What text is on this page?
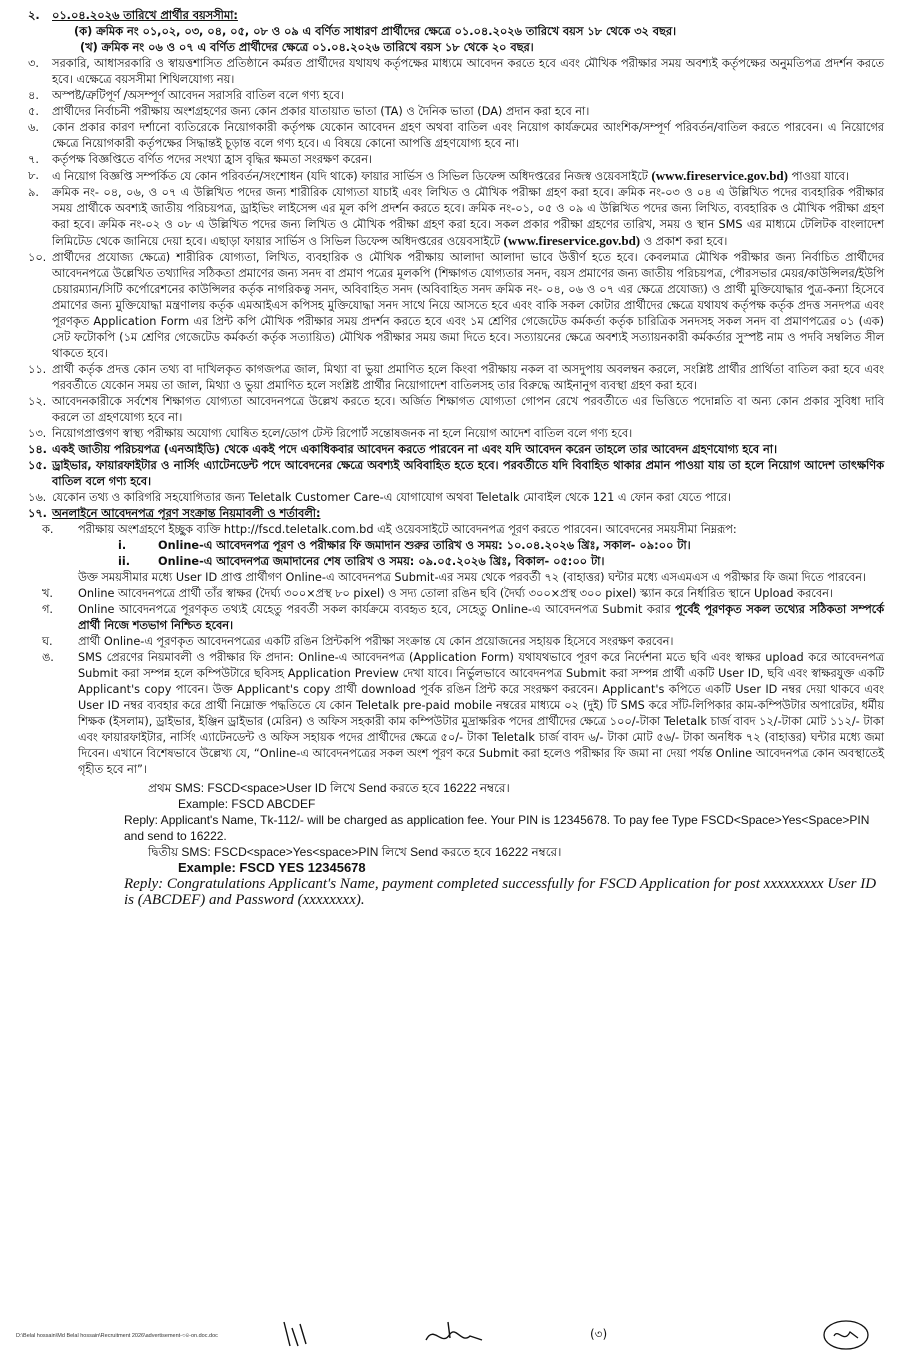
২.	০১.০৪.২০২৬ তারিখে প্রার্থীর বয়সসীমা:
(ক) ক্রমিক নং ০১,০২, ০৩, ০৪, ০৫, ০৮ ও ০৯ এ বর্ণিত সাধারণ প্রার্থীদের ক্ষেত্রে ০১.০৪.২০২৬ তারিখে বয়স ১৮ থেকে ৩২ বছর।
(খ) ক্রমিক নং ০৬ ও ০৭ এ বর্ণিত প্রার্থীদের ক্ষেত্রে ০১.০৪.২০২৬ তারিখে বয়স ১৮ থেকে ২০ বছর।
৩.	সরকারি, আধাসরকারি ও স্বায়ত্তশাসিত প্রতিষ্ঠানে কর্মরত প্রার্থীদের যথাযথ কর্তৃপক্ষের মাধ্যমে আবেদন করতে হবে এবং মৌখিক পরীক্ষার সময় অবশ্যই কর্তৃপক্ষের অনুমতিপত্র প্রদর্শন করতে হবে। এক্ষেত্রে বয়সসীমা শিথিলযোগ্য নয়।
৪.	অস্পষ্ট/ত্রুটিপূর্ণ /অসম্পূর্ণ আবেদন সরাসরি বাতিল বলে গণ্য হবে।
৫.	প্রার্থীদের নির্বাচনী পরীক্ষায় অংশগ্রহণের জন্য কোন প্রকার যাতায়াত ভাতা (TA) ও দৈনিক ভাতা (DA) প্রদান করা হবে না।
৬.	কোন প্রকার কারণ দর্শানো ব্যতিরেকে নিয়োগকারী কর্তৃপক্ষ যেকোন আবেদন গ্রহণ অথবা বাতিল এবং নিয়োগ কার্যক্রমের আংশিক/সম্পূর্ণ পরিবর্তন/বাতিল করতে পারবেন। এ নিয়োগের ক্ষেত্রে নিয়োগকারী কর্তৃপক্ষের সিদ্ধান্তই চূড়ান্ত বলে গণ্য হবে। এ বিষয়ে কোনো আপত্তি গ্রহণযোগ্য হবে না।
৭.	কর্তৃপক্ষ বিজ্ঞপ্তিতে বর্ণিত পদের সংখ্যা হ্রাস বৃদ্ধির ক্ষমতা সংরক্ষণ করেন।
৮.	এ নিয়োগ বিজ্ঞপ্তি সম্পর্কিত যে কোন পরিবর্তন/সংশোধন (যদি থাকে) ফায়ার সার্ভিস ও সিভিল ডিফেন্স অধিদপ্তরের নিজস্ব ওয়েবসাইটে (www.fireservice.gov.bd) পাওয়া যাবে।
৯.	ক্রমিক নং- ০৪, ০৬, ও ০৭ এ উল্লিখিত পদের জন্য শারীরিক যোগ্যতা যাচাই এবং লিখিত ও মৌখিক পরীক্ষা গ্রহণ করা হবে। ক্রমিক নং-০৩ ও ০৪ এ উল্লিখিত পদের ব্যবহারিক পরীক্ষার সময় প্রার্থীকে অবশ্যই জাতীয় পরিচয়পত্র, ড্রাইভিং লাইসেন্স এর মূল কপি প্রদর্শন করতে হবে। ক্রমিক নং-০১, ০৫ ও ০৯ এ উল্লিখিত পদের জন্য লিখিত, ব্যবহারিক ও মৌখিক পরীক্ষা গ্রহণ করা হবে। ক্রমিক নং-০২ ও ০৮ এ উল্লিখিত পদের জন্য লিখিত ও মৌখিক পরীক্ষা গ্রহণ করা হবে। সকল প্রকার পরীক্ষা গ্রহণের তারিখ, সময় ও স্থান SMS এর মাধ্যমে টেলিটক বাংলাদেশ লিমিটেড থেকে জানিয়ে দেয়া হবে। এছাড়া ফায়ার সার্ভিস ও সিভিল ডিফেন্স অধিদপ্তরের ওয়েবসাইটে (www.fireservice.gov.bd) ও প্রকাশ করা হবে।
১০. প্রার্থীদের প্রযোজ্য ক্ষেত্রে) শারীরিক যোগ্যতা, লিখিত, ব্যবহারিক ও মৌখিক পরীক্ষায় আলাদা আলাদা ভাবে উত্তীর্ণ হতে হবে। কেবলমাত্র মৌখিক পরীক্ষার জন্য নির্বাচিত প্রার্থীদের আবেদনপত্রে উল্লেখিত তথ্যাদির সঠিকতা প্রমাণের জন্য সনদ বা প্রমাণ পত্রের মূলকপি (শিক্ষাগত যোগ্যতার সনদ, বয়স প্রমাণের জন্য জাতীয় পরিচয়পত্র, পৌরসভার মেয়র/কাউন্সিলর/ইউপি চেয়ারম্যান/সিটি কর্পোরেশনের কাউন্সিলর কর্তৃক নাগরিকত্ব সনদ, অবিবাহিত সনদ (অবিবাহিত সনদ ক্রমিক নং- ০৪, ০৬ ও ০৭ এর ক্ষেত্রে প্রযোজ্য) ও প্রার্থী মুক্তিযোদ্ধার পুত্র-কন্যা হিসেবে প্রমাণের জন্য মুক্তিযোদ্ধা মন্ত্রণালয় কর্তৃক এমআইএস কপিসহ মুক্তিযোদ্ধা সনদ সাথে নিয়ে আসতে হবে এবং বাকি সকল কোটার প্রার্থীদের ক্ষেত্রে যথাযথ কর্তৃপক্ষ কর্তৃক প্রদত্ত সনদপত্র এবং পূরণকৃত Application Form এর প্রিন্ট কপি মৌখিক পরীক্ষার সময় প্রদর্শন করতে হবে এবং ১ম শ্রেণির গেজেটেড কর্মকর্তা কর্তৃক চারিত্রিক সনদসহ সকল সনদ বা প্রমাণপত্রের ০১ (এক) সেট ফটোকপি (১ম শ্রেণির গেজেটেড কর্মকর্তা কর্তৃক সত্যায়িত) মৌখিক পরীক্ষার সময় জমা দিতে হবে। সত্যায়নের ক্ষেত্রে অবশ্যই সত্যায়নকারী কর্মকর্তার সুস্পষ্ট নাম ও পদবি সম্বলিত সীল থাকতে হবে।
১১. প্রার্থী কর্তৃক প্রদত্ত কোন তথ্য বা দাখিলকৃত কাগজপত্র জাল, মিথ্যা বা ভুয়া প্রমাণিত হলে কিংবা পরীক্ষায় নকল বা অসদুপায় অবলম্বন করলে, সংশ্লিষ্ট প্রার্থীর প্রার্থিতা বাতিল করা হবে এবং পরবর্তীতে যেকোন সময় তা জাল, মিথ্যা ও ভুয়া প্রমাণিত হলে সংশ্লিষ্ট প্রার্থীর নিয়োগাদেশ বাতিলসহ তার বিরুদ্ধে আইনানুগ ব্যবস্থা গ্রহণ করা হবে।
১২. আবেদনকারীকে সর্বশেষ শিক্ষাগত যোগ্যতা আবেদনপত্রে উল্লেখ করতে হবে। অর্জিত শিক্ষাগত যোগ্যতা গোপন রেখে পরবর্তীতে এর ভিত্তিতে পদোন্নতি বা অন্য কোন প্রকার সুবিধা দাবি করলে তা গ্রহণযোগ্য হবে না।
১৩. নিয়োগপ্রাপ্তগণ স্বাস্থ্য পরীক্ষায় অযোগ্য ঘোষিত হলে/ডোপ টেস্ট রিপোর্ট সন্তোষজনক না হলে নিয়োগ আদেশ বাতিল বলে গণ্য হবে।
১৪. একই জাতীয় পরিচয়পত্র (এনআইডি) থেকে একই পদে একাধিকবার আবেদন করতে পারবেন না এবং যদি আবেদন করেন তাহলে তার আবেদন গ্রহণযোগ্য হবে না।
১৫. ড্রাইভার, ফায়ারফাইটার ও নার্সিং এ্যাটেনডেন্ট পদে আবেদনের ক্ষেত্রে অবশ্যই অবিবাহিত হতে হবে। পরবর্তীতে যদি বিবাহিত থাকার প্রমান পাওয়া যায় তা হলে নিয়োগ আদেশ তাৎক্ষণিক বাতিল বলে গণ্য হবে।
১৬. যেকোন তথ্য ও কারিগরি সহযোগিতার জন্য Teletalk Customer Care-এ যোগাযোগ অথবা Teletalk মোবাইল থেকে 121 এ ফোন করা যেতে পারে।
১৭. অনলাইনে আবেদনপত্র পূরণ সংক্রান্ত নিয়মাবলী ও শর্তাবলী:
ক.	পরীক্ষায় অংশগ্রহণে ইচ্ছুক ব্যক্তি http://fscd.teletalk.com.bd এই ওয়েবসাইটে আবেদনপত্র পূরণ করতে পারবেন। আবেদনের সময়সীমা নিম্নরূপ:
i.	Online-এ আবেদনপত্র পূরণ ও পরীক্ষার ফি জমাদান শুরুর তারিখ ও সময়: ১০.০৪.২০২৬ খ্রিঃ, সকাল- ০৯:০০ টা।
ii.	Online-এ আবেদনপত্র জমাদানের শেষ তারিখ ও সময়: ০৯.০৫.২০২৬ খ্রিঃ, বিকাল- ০৫:০০ টা।
উক্ত সময়সীমার মধ্যে User ID প্রাপ্ত প্রার্থীগণ Online-এ আবেদনপত্র Submit-এর সময় থেকে পরবর্তী ৭২ (বাহাত্তর) ঘন্টার মধ্যে এসএমএস এ পরীক্ষার ফি জমা দিতে পারবেন।
খ.	Online আবেদনপত্রে প্রার্থী তাঁর স্বাক্ষর (দৈর্ঘ্য ৩০০×প্রস্থ ৮০ pixel) ও সদ্য তোলা রঙিন ছবি (দৈর্ঘ্য ৩০০×প্রস্থ ৩০০ pixel) স্ক্যান করে নির্ধারিত স্থানে Upload করবেন।
গ.	Online আবেদনপত্রে পূরণকৃত তথ্যই যেহেতু পরবর্তী সকল কার্যক্রমে ব্যবহৃত হবে, সেহেতু Online-এ আবেদনপত্র Submit করার পূর্বেই পূরণকৃত সকল তথ্যের সঠিকতা সম্পর্কে প্রার্থী নিজে শতভাগ নিশ্চিত হবেন।
ঘ.	প্রার্থী Online-এ পূরণকৃত আবেদনপত্রের একটি রঙিন প্রিন্টকপি পরীক্ষা সংক্রান্ত যে কোন প্রয়োজনের সহায়ক হিসেবে সংরক্ষণ করবেন।
ঙ.	SMS প্রেরণের নিয়মাবলী ও পরীক্ষার ফি প্রদান: Online-এ আবেদনপত্র (Application Form) যথাযথভাবে পূরণ করে নির্দেশনা মতে ছবি এবং স্বাক্ষর upload করে আবেদনপত্র Submit করা সম্পন্ন হলে কম্পিউটারে ছবিসহ Application Preview দেখা যাবে। নির্ভুলভাবে আবেদনপত্র Submit করা সম্পন্ন প্রার্থী একটি User ID, ছবি এবং স্বাক্ষরযুক্ত একটি Applicant's copy পাবেন। উক্ত Applicant's copy প্রার্থী download পূর্বক রঙিন প্রিন্ট করে সংরক্ষণ করবেন। Applicant's কপিতে একটি User ID নম্বর দেয়া থাকবে এবং User ID নম্বর ব্যবহার করে প্রার্থী নিম্নোক্ত পদ্ধতিতে যে কোন Teletalk pre-paid mobile নম্বরের মাধ্যমে ০২ (দুই) টি SMS করে সাঁট-লিপিকার কাম-কম্পিউটার অপারেটর, ধর্মীয় শিক্ষক (ইসলাম), ড্রাইভার, ইঞ্জিন ড্রাইভার (মেরিন) ও অফিস সহকারী কাম কম্পিউটার মুদ্রাক্ষরিক পদের প্রার্থীদের ক্ষেত্রে ১০০/-টাকা Teletalk চার্জ বাবদ ১২/-টাকা মোট ১১২/- টাকা এবং ফায়ারফাইটার, নার্সিং এ্যাটেনডেন্ট ও অফিস সহায়ক পদের প্রার্থীদের ক্ষেত্রে ৫০/- টাকা Teletalk চার্জ বাবদ ৬/- টাকা মোট ৫৬/- টাকা অনধিক ৭২ (বাহাত্তর) ঘন্টার মধ্যে জমা দিবেন। এখানে বিশেষভাবে উল্লেখ্য যে, “Online-এ আবেদনপত্রের সকল অংশ পূরণ করে Submit করা হলেও পরীক্ষার ফি জমা না দেয়া পর্যন্ত Online আবেদনপত্র কোন অবস্থাতেই গৃহীত হবে না”।
প্রথম SMS: FSCD<space>User ID লিখে Send করতে হবে 16222 নম্বরে।
Example: FSCD ABCDEF
Reply: Applicant's Name, Tk-112/- will be charged as application fee. Your PIN is 12345678. To pay fee Type FSCD<Space>Yes<Space>PIN and send to 16222.
দ্বিতীয় SMS: FSCD<space>Yes<space>PIN লিখে Send করতে হবে 16222 নম্বরে।
Example: FSCD YES 12345678
Reply: Congratulations Applicant's Name, payment completed successfully for FSCD Application for post xxxxxxxxx User ID is (ABCDEF) and Password (xxxxxxxx).
D:\Belal hossain\Md Belal hossain\Recruitment 2026\advertisement-৩৪-on.doc.doc	(৩)
